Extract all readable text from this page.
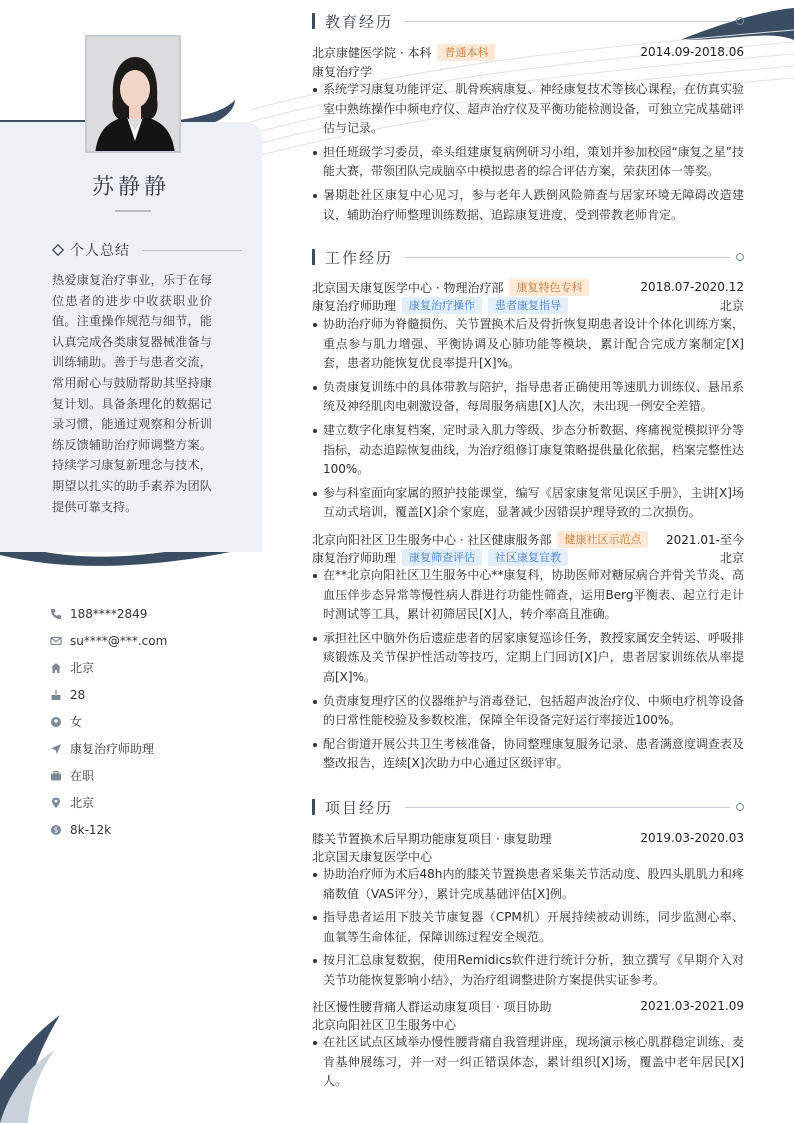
苏静静
个人总结
热爱康复治疗事业，乐于在每位患者的进步中收获职业价值。注重操作规范与细节，能认真完成各类康复器械准备与训练辅助。善于与患者交流，常用耐心与鼓励帮助其坚持康复计划。具备条理化的数据记录习惯，能通过观察和分析训练反馈辅助治疗师调整方案。持续学习康复新理念与技术，期望以扎实的助手素养为团队提供可靠支持。
188****2849
su****@***.com
北京
28
女
康复治疗师助理
在职
北京
$ 8k-12k
教育经历
北京康健医学院 · 本科	普通本科	2014.09-2018.06
康复治疗学
系统学习康复功能评定、肌骨疾病康复、神经康复技术等核心课程，在仿真实验室中熟练操作中频电疗仪、超声治疗仪及平衡功能检测设备，可独立完成基础评估与记录。
担任班级学习委员，牵头组建康复病例研习小组，策划并参加校园“康复之星”技能大赛，带领团队完成脑卒中模拟患者的综合评估方案，荣获团体一等奖。
暑期赴社区康复中心见习，参与老年人跌倒风险筛查与居家环境无障碍改造建议，辅助治疗师整理训练数据、追踪康复进度，受到带教老师肯定。
工作经历
北京国天康复医学中心 · 物理治疗部	康复特色专科	2018.07-2020.12
康复治疗师助理	康复治疗操作	患者康复指导	北京
协助治疗师为脊髓损伤、关节置换术后及骨折恢复期患者设计个体化训练方案，重点参与肌力增强、平衡协调及心肺功能等模块，累计配合完成方案制定[X]套，患者功能恢复优良率提升[X]%。
负责康复训练中的具体带教与陪护，指导患者正确使用等速肌力训练仪、悬吊系统及神经肌肉电刺激设备，每周服务病患[X]人次，未出现一例安全差错。
建立数字化康复档案，定时录入肌力等级、步态分析数据、疼痛视觉模拟评分等指标，动态追踪恢复曲线，为治疗组修订康复策略提供量化依据，档案完整性达100%。
参与科室面向家属的照护技能课堂，编写《居家康复常见误区手册》，主讲[X]场互动式培训，覆盖[X]余个家庭，显著减少因错误护理导致的二次损伤。
北京向阳社区卫生服务中心 · 社区健康服务部	健康社区示范点	2021.01-至今
康复治疗师助理	康复筛查评估	社区康复宣教	北京
在**北京向阳社区卫生服务中心**康复科，协助医师对糖尿病合并骨关节炎、高血压伴步态异常等慢性病人群进行功能性筛查，运用Berg平衡表、起立行走计时测试等工具，累计初筛居民[X]人，转介率高且准确。
承担社区中脑外伤后遗症患者的居家康复巡诊任务，教授家属安全转运、呼吸排痰锻炼及关节保护性活动等技巧，定期上门回访[X]户，患者居家训练依从率提高[X]%。
负责康复理疗区的仪器维护与消毒登记，包括超声波治疗仪、中频电疗机等设备的日常性能校验及参数校准，保障全年设备完好运行率接近100%。
配合街道开展公共卫生考核准备，协同整理康复服务记录、患者满意度调查表及整改报告，连续[X]次助力中心通过区级评审。
项目经历
膝关节置换术后早期功能康复项目 · 康复助理	2019.03-2020.03
北京国天康复医学中心
协助治疗师为术后48h内的膝关节置换患者采集关节活动度、股四头肌肌力和疼痛数值（VAS评分），累计完成基础评估[X]例。
指导患者运用下肢关节康复器（CPM机）开展持续被动训练，同步监测心率、血氧等生命体征，保障训练过程安全规范。
按月汇总康复数据，使用Remidics软件进行统计分析，独立撰写《早期介入对关节功能恢复影响小结》，为治疗组调整进阶方案提供实证参考。
社区慢性腰背痛人群运动康复项目 · 项目协助	2021.03-2021.09
北京向阳社区卫生服务中心
在社区试点区域举办慢性腰背痛自我管理讲座，现场演示核心肌群稳定训练、麦肯基伸展练习，并一对一纠正错误体态，累计组织[X]场，覆盖中老年居民[X]人。
